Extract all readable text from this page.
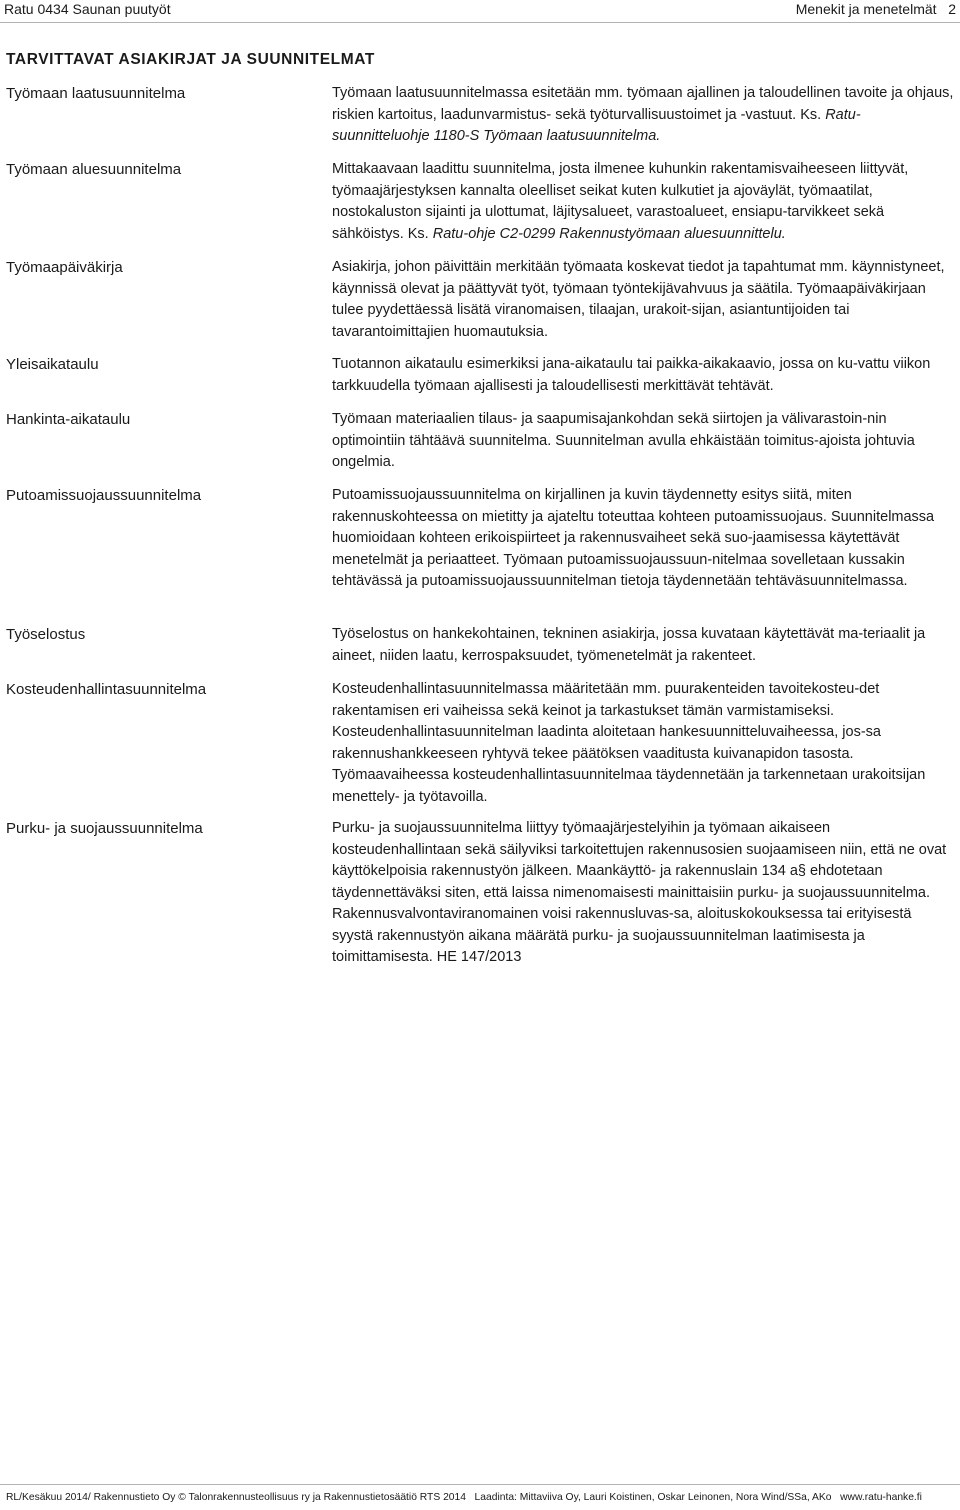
Ratu 0434 Saunan puutyöt	Menekit ja menetelmät   2
TARVITTAVAT ASIAKIRJAT JA SUUNNITELMAT
Työmaan laatusuunnitelma	Työmaan laatusuunnitelmassa esitetään mm. työmaan ajallinen ja taloudellinen tavoite ja ohjaus, riskien kartoitus, laadunvarmistus- sekä työturvallisuustoimet ja -vastuut. Ks. Ratu-suunnitteluohje 1180-S Työmaan laatusuunnitelma.

Työmaan aluesuunnitelma	Mittakaavaan laadittu suunnitelma, josta ilmenee kuhunkin rakentamisvaiheeseen liittyvät, työmaajärjestyksen kannalta oleelliset seikat kuten kulkutiet ja ajoväylät, työmaatilat, nostokaluston sijainti ja ulottumat, läjitysalueet, varastoalueet, ensiapu-tarvikkeet sekä sähköistys. Ks. Ratu-ohje C2-0299 Rakennustyömaan aluesuunnittelu.

Työmaapäiväkirja	Asiakirja, johon päivittäin merkitään työmaata koskevat tiedot ja tapahtumat mm. käynnistyneet, käynnissä olevat ja päättyvät työt, työmaan työntekijävahvuus ja säätila. Työmaapäiväkirjaan tulee pyydettäessä lisätä viranomaisen, tilaajan, urakoit-sijan, asiantuntijoiden tai tavarantoimittajien huomautuksia.

Yleisaikataulu	Tuotannon aikataulu esimerkiksi jana-aikataulu tai paikka-aikakaavio, jossa on ku-vattu viikon tarkkuudella työmaan ajallisesti ja taloudellisesti merkittävät tehtävät.

Hankinta-aikataulu	Työmaan materiaalien tilaus- ja saapumisajankohdan sekä siirtojen ja välivarastoin-nin optimointiin tähtäävä suunnitelma. Suunnitelman avulla ehkäistään toimitus-ajoista johtuvia ongelmia.

Putoamissuojaussuunnitelma	Putoamissuojaussuunnitelma on kirjallinen ja kuvin täydennetty esitys siitä, miten rakennuskohteessa on mietitty ja ajateltu toteuttaa kohteen putoamissuojaus. Suunnitelmassa huomioidaan kohteen erikoispiirteet ja rakennusvaiheet sekä suo-jaamisessa käytettävät menetelmät ja periaatteet. Työmaan putoamissuojaussuun-nitelmaa sovelletaan kussakin tehtävässä ja putoamissuojaussuunnitelman tietoja täydennetään tehtäväsuunnitelmassa.

Työselostus	Työselostus on hankekohtainen, tekninen asiakirja, jossa kuvataan käytettävät ma-teriaalit ja aineet, niiden laatu, kerrospaksuudet, työmenetelmät ja rakenteet.

Kosteudenhallintasuunnitelma	Kosteudenhallintasuunnitelmassa määritetään mm. puurakenteiden tavoitekosteu-det rakentamisen eri vaiheissa sekä keinot ja tarkastukset tämän varmistamiseksi. Kosteudenhallintasuunnitelman laadinta aloitetaan hankesuunnitteluvaiheessa, jos-sa rakennushankkeeseen ryhtyvä tekee päätöksen vaaditusta kuivanapidon tasosta. Työmaavaiheessa kosteudenhallintasuunnitelmaa täydennetään ja tarkennetaan urakoitsijan menettely- ja työtavoilla.

Purku- ja suojaussuunnitelma	Purku- ja suojaussuunnitelma liittyy työmaajärjestelyihin ja työmaan aikaiseen kosteudenhallintaan sekä säilyviksi tarkoitettujen rakennusosien suojaamiseen niin, että ne ovat käyttökelpoisia rakennustyön jälkeen. Maankäyttö- ja rakennuslain 134 a§ ehdotetaan täydennettäväksi siten, että laissa nimenomaisesti mainittaisiin purku- ja suojaussuunnitelma. Rakennusvalvontaviranomainen voisi rakennusluvas-sa, aloituskokouksessa tai erityisestä syystä rakennustyön aikana määrätä purku- ja suojaussuunnitelman laatimisesta ja toimittamisesta. HE 147/2013

RL/Kesäkuu 2014/ Rakennustieto Oy © Talonrakennusteollisuus ry ja Rakennustietosäätiö RTS 2014   Laadinta: Mittaviiva Oy, Lauri Koistinen, Oskar Leinonen, Nora Wind/SSa, AKo   www.ratu-hanke.fi
